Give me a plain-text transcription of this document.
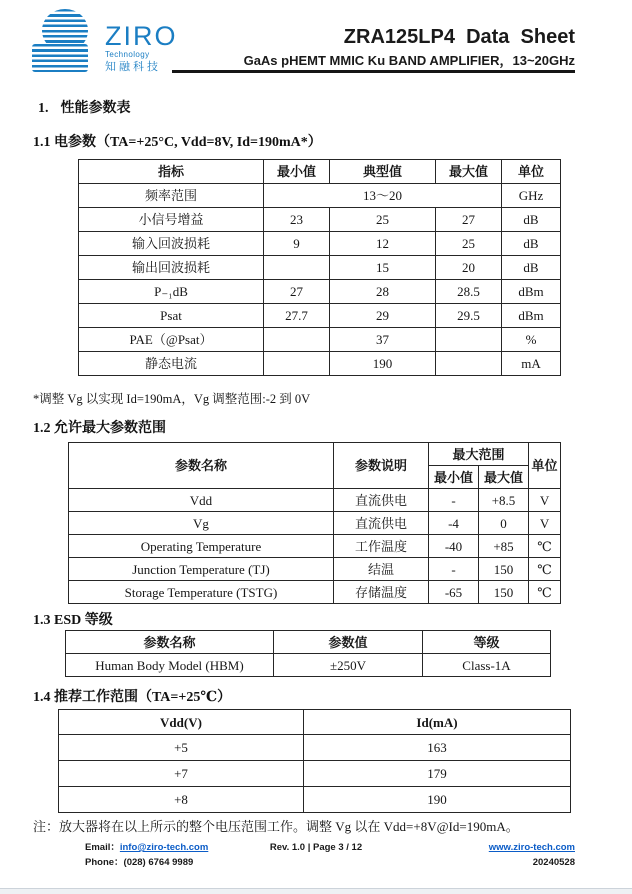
ZIRO
Technology
知融科技
ZRA125LP4  Data  Sheet
GaAs pHEMT MMIC Ku BAND AMPLIFIER，13~20GHz
1. 性能参数表
1.1 电参数（TA=+25°C, Vdd=8V, Id=190mA*）
指标	最小值	典型值	最大值	单位
频率范围	13～20			GHz
小信号增益	23	25	27	dB
输入回波损耗	9	12	25	dB
输出回波损耗		15	20	dB
P₋₁dB	27	28	28.5	dBm
Psat	27.7	29	29.5	dBm
PAE（@Psat）		37		%
静态电流		190		mA
*调整 Vg 以实现 Id=190mA，Vg 调整范围:-2 到 0V
1.2 允许最大参数范围
参数名称	参数说明	最大范围		单位
		最小值	最大值	
Vdd	直流供电	-	+8.5	V
Vg	直流供电	-4	0	V
Operating Temperature	工作温度	-40	+85	℃
Junction Temperature (TJ)	结温	-	150	℃
Storage Temperature (TSTG)	存储温度	-65	150	℃
1.3 ESD 等级
参数名称	参数值	等级
Human Body Model (HBM)	±250V	Class-1A
1.4 推荐工作范围（TA=+25℃）
Vdd(V)	Id(mA)
+5	163
+7	179
+8	190
注：放大器将在以上所示的整个电压范围工作。调整 Vg 以在 Vdd=+8V@Id=190mA。
Email：info@ziro-tech.com
Phone：(028) 6764 9989
Rev. 1.0 | Page 3 / 12	www.ziro-tech.com
20240528
